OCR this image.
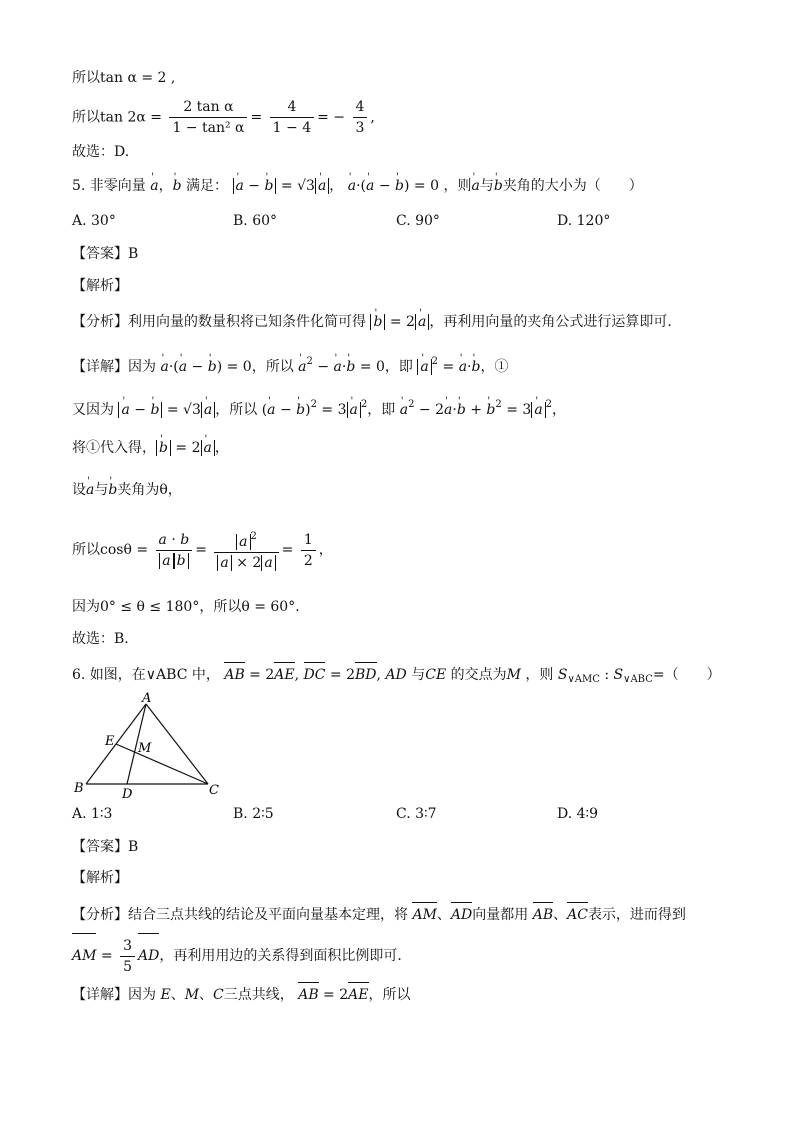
所以tan α = 2 ,
所以$\tan 2\alpha = \frac{\text{2 tan α}}{\text{1 − tan² α}} = \frac{4}{1 - 4}$ = − $\frac{4}{3}$ ,
故选：D.
5. 非零向量 ' a，' b 满足： ' a − ' b = √3' a ， ' a·(' a − ' b) = 0 ，则' a与' b夹角的大小为（　　）
A. 30°	B. 60°	C. 90°	D. 120°
【答案】B
【解析】
【分析】利用向量的数量积将已知条件化简可得 ' b = 2' a ，再利用向量的夹角公式进行运算即可.
【详解】因为 ' a·(' a − ' b) = 0，所以 ' $a^2$ − ' a·' b = 0，即 ' a $^2$ = ' a·' b，①
又因为 ' a − ' b = √3' a ，所以 (' a − ' b)$^2$ = 3' a $^2$，即 ' $a^2 - 2'$ a·' b + ' $b^2 = 3'$ a $^2$，
将①代入得，' b = 2' a ，
设' a与' b夹角为θ，
所以$\cos\theta = \frac{a \cdot b}{\text{a b}} = \frac{a ^2}{a \times 2 a} = \frac{1}{2}$ ，
因为0° ≤ θ ≤ 180°，所以θ = 60°.
故选：B.
6. 如图，在∨ABC 中， AB = 2AE, DC = 2BD, AD 与CE 的交点为M ，则 $S_{\vee AMC}$ : $S_{\vee ABC}=$（　　）
A
B	C
D
E M
A. 1∶3	B. 2∶5	C. 3∶7	D. 4∶9
【答案】B
【解析】
【分析】结合三点共线的结论及平面向量基本定理，将 AM、AD向量都用 AB、AC表示，进而得到
AM = $\frac{3}{5}$ AD，再利用用边的关系得到面积比例即可.
【详解】因为 E、M、C三点共线， AB = 2AE，所以
